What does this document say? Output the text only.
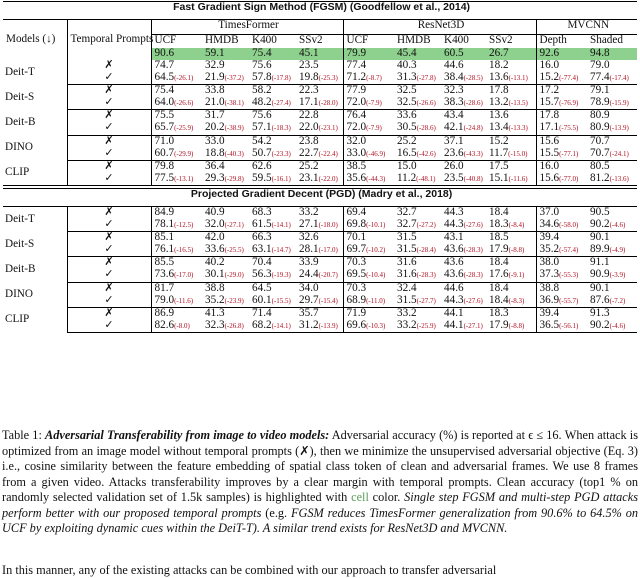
Fast Gradient Sign Method (FGSM) (Goodfellow et al., 2014)											
Models (↓)	Temporal Prompts	TimesFormer				ResNet3D				MVCNN	
		UCF	HMDB	K400	SSv2	UCF	HMDB	K400	SSv2	Depth	Shaded
		90.6	59.1	75.4	45.1	79.9	45.4	60.5	26.7	92.6	94.8
Deit-T	✗	74.7	32.9	75.6	23.5	77.4	40.3	44.6	18.2	16.0	79.0
	✓	64.5(-26.1)	21.9(-37.2)	57.8(-17.8)	19.8(-25.3)	71.2(-8.7)	31.3(-27.8)	38.4(-28.5)	13.6(-13.1)	15.2(-77.4)	77.4(-17.4)
Deit-S	✗	75.4	33.8	58.2	22.3	77.9	32.5	32.3	17.8	17.2	79.1
	✓	64.0(-26.6)	21.0(-38.1)	48.2(-27.4)	17.1(-28.0)	72.0(-7.9)	32.5(-26.6)	38.3(-28.6)	13.2(-13.5)	15.7(-76.9)	78.9(-15.9)
Deit-B	✗	75.5	31.7	75.6	22.8	76.4	33.6	43.4	13.6	17.8	80.9
	✓	65.7(-25.9)	20.2(-38.9)	57.1(-18.3)	22.0(-23.1)	72.0(-7.9)	30.5(-28.6)	42.1(-24.8)	13.4(-13.3)	17.1(-75.5)	80.9(-13.9)
DINO	✗	71.0	33.0	54.2	23.8	32.0	25.2	37.1	15.2	15.6	70.7
	✓	60.7(-29.9)	18.8(-40.3)	50.7(-23.3)	22.7(-22.4)	33.0(-46.9)	16.5(-42.6)	23.6(-43.3)	11.7(-15.0)	15.5(-77.1)	70.7(-24.1)
CLIP	✗	79.8	36.4	62.6	25.2	38.5	15.0	26.0	17.5	16.0	80.5
	✓	77.5(-13.1)	29.3(-29.8)	59.5(-16.1)	23.1(-22.0)	35.6(-44.3)	11.2(-48.1)	23.5(-40.8)	15.1(-11.6)	15.6(-77.0)	81.2(-13.6)

Projected Gradient Decent (PGD) (Madry et al., 2018)											
Deit-T	✗	84.9	40.9	68.3	33.2	69.4	32.7	44.3	18.4	37.0	90.5
	✓	78.1(-12.5)	32.0(-27.1)	61.5(-14.1)	27.1(-18.0)	69.8(-10.1)	32.7(-27.2)	44.3(-27.6)	18.3(-8.4)	34.6(-58.0)	90.2(-4.6)
Deit-S	✗	85.1	42.0	66.3	32.6	70.1	31.5	43.1	18.5	39.4	90.1
	✓	76.1(-16.5)	33.6(-25.5)	63.1(-14.7)	28.1(-17.0)	69.7(-10.2)	31.5(-28.4)	43.6(-28.3)	17.9(-8.8)	35.2(-57.4)	89.9(-4.9)
Deit-B	✗	85.5	40.2	70.4	33.9	70.3	31.6	43.6	18.4	38.0	91.1
	✓	73.6(-17.0)	30.1(-29.0)	56.3(-19.3)	24.4(-20.7)	69.5(-10.4)	31.6(-28.3)	43.6(-28.3)	17.6(-9.1)	37.3(-55.3)	90.9(-3.9)
DINO	✗	81.7	38.8	64.5	34.0	70.3	32.4	44.6	18.4	38.8	90.1
	✓	79.0(-11.6)	35.2(-23.9)	60.1(-15.5)	29.7(-15.4)	68.9(-11.0)	31.5(-27.7)	44.3(-27.6)	18.4(-8.3)	36.9(-55.7)	87.6(-7.2)
CLIP	✗	86.9	41.3	71.4	35.7	71.9	33.2	44.1	18.3	39.4	91.3
	✓	82.6(-8.0)	32.3(-26.8)	68.2(-14.1)	31.2(-13.9)	69.6(-10.3)	33.2(-25.9)	44.1(-27.1)	17.9(-8.8)	36.5(-56.1)	90.2(-4.6)
Table 1: Adversarial Transferability from image to video models: Adversarial accuracy (%) is reported at ϵ ≤ 16. When attack is optimized from an image model without temporal prompts (✗), then we minimize the unsupervised adversarial objective (Eq. 3) i.e., cosine similarity between the feature embedding of spatial class token of clean and adversarial frames. We use 8 frames from a given video. Attacks transferability improves by a clear margin with temporal prompts. Clean accuracy (top1 % on randomly selected validation set of 1.5k samples) is highlighted with cell color. Single step FGSM and multi-step PGD attacks perform better with our proposed temporal prompts (e.g. FGSM reduces TimesFormer generalization from 90.6% to 64.5% on UCF by exploiting dynamic cues within the DeiT-T). A similar trend exists for ResNet3D and MVCNN.
In this manner, any of the existing attacks can be combined with our approach to transfer adversarial
